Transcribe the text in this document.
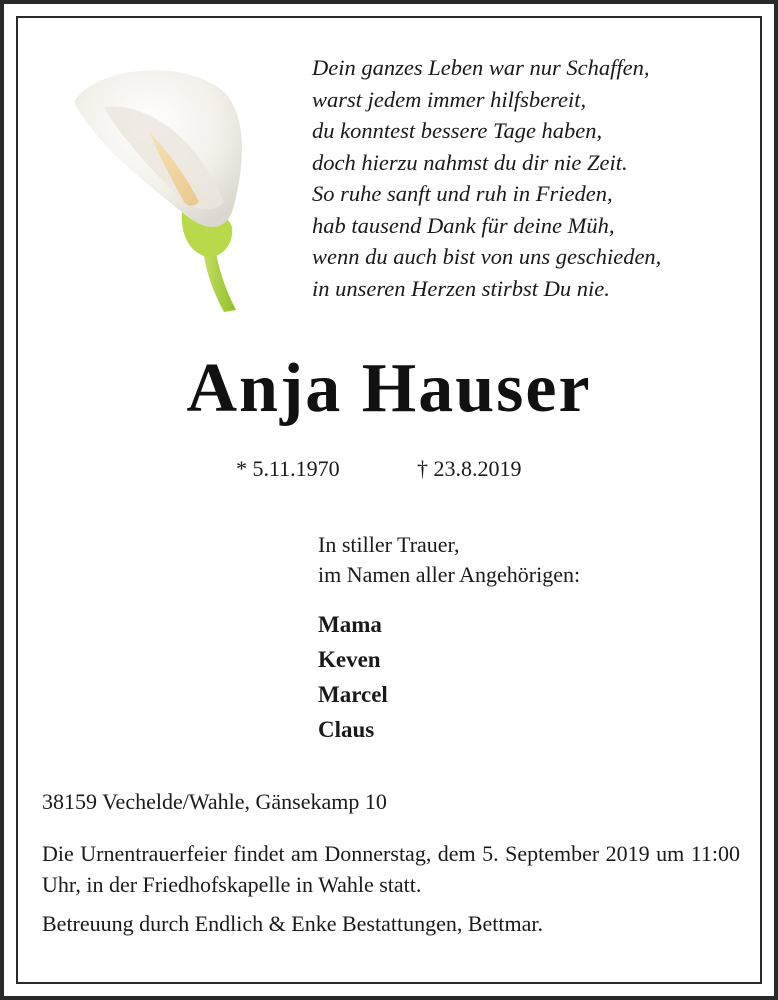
Dein ganzes Leben war nur Schaffen,
warst jedem immer hilfsbereit,
du konntest bessere Tage haben,
doch hierzu nahmst du dir nie Zeit.
So ruhe sanft und ruh in Frieden,
hab tausend Dank für deine Müh,
wenn du auch bist von uns geschieden,
in unseren Herzen stirbst Du nie.
Anja Hauser
* 5.11.1970	† 23.8.2019
In stiller Trauer,
im Namen aller Angehörigen:
Mama
Keven
Marcel
Claus
38159 Vechelde/Wahle, Gänsekamp 10
Die Urnentrauerfeier findet am Donnerstag, dem 5. September 2019 um 11:00 Uhr, in der Friedhofskapelle in Wahle statt.
Betreuung durch Endlich & Enke Bestattungen, Bettmar.
